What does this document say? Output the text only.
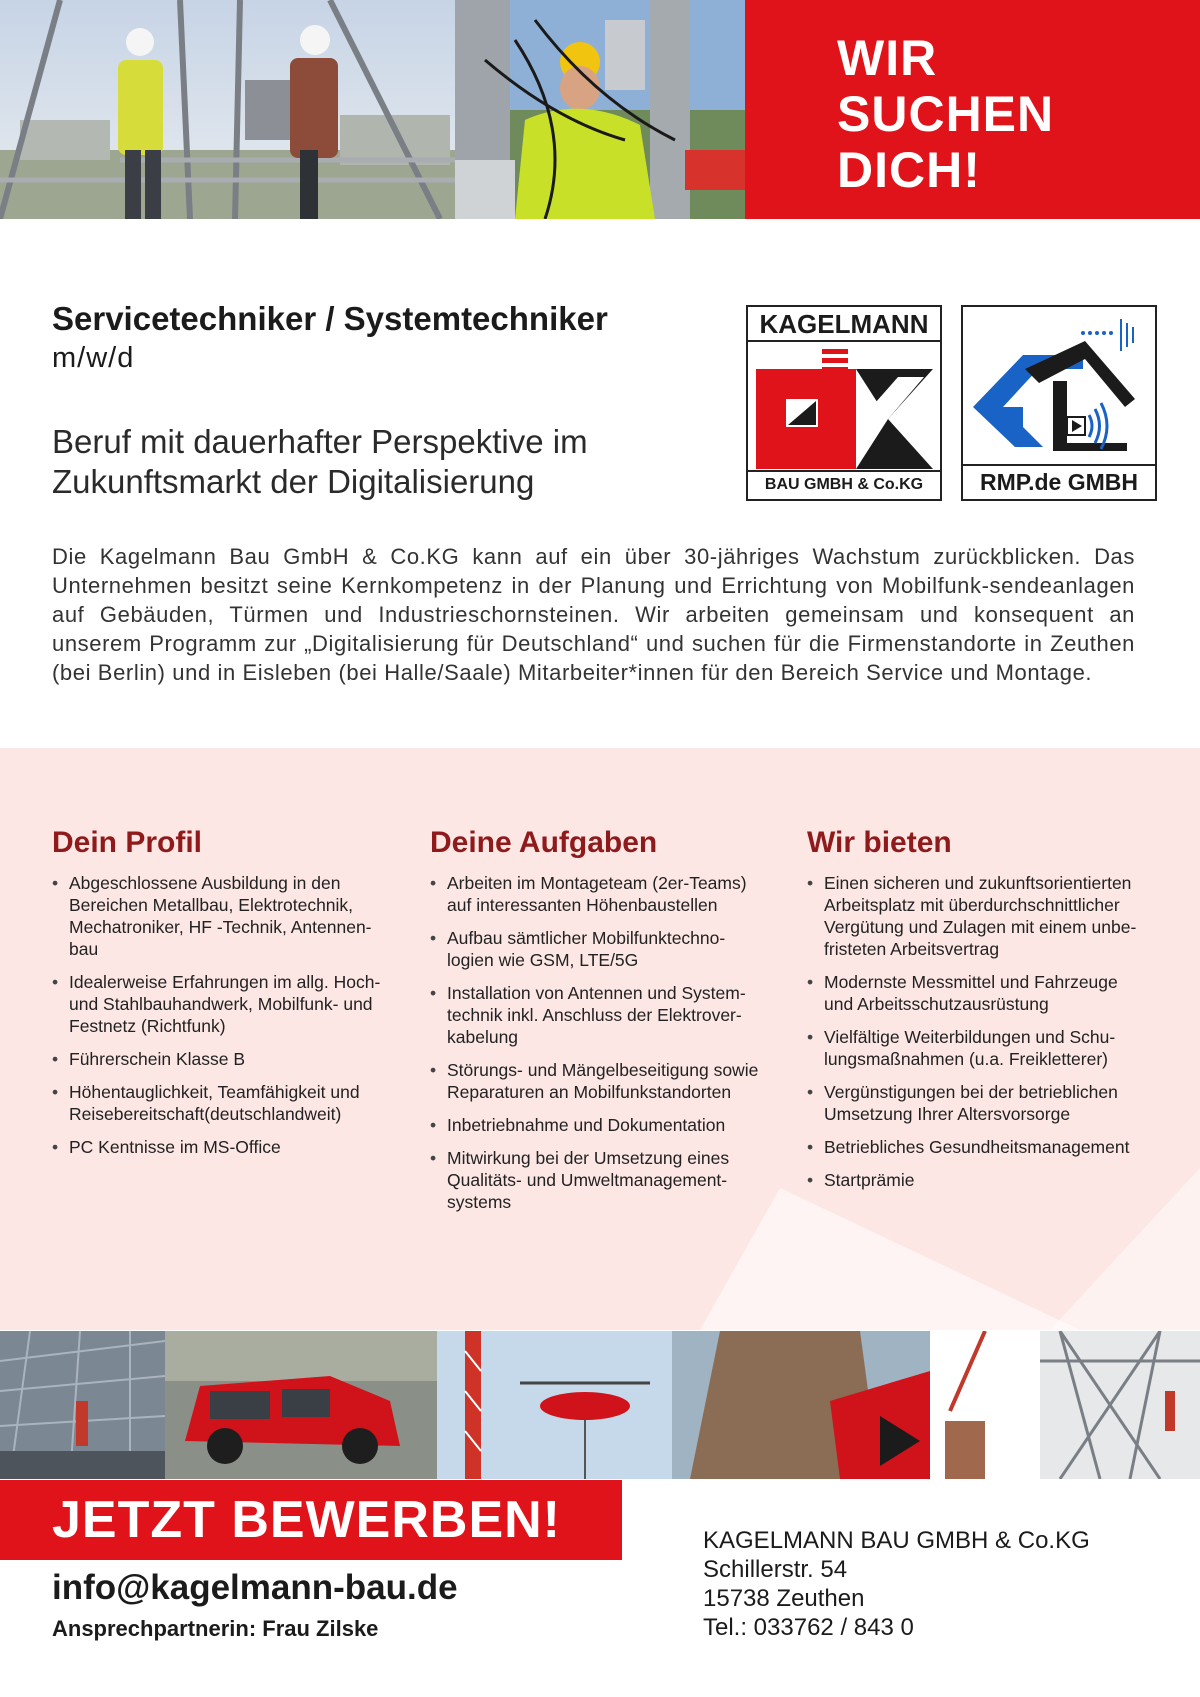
WIR
SUCHEN
DICH!
Servicetechniker / Systemtechniker
m/w/d
Beruf mit dauerhafter Perspektive im Zukunftsmarkt der Digitalisierung
KAGELMANN
BAU GMBH & Co.KG	RMP.de GMBH
Die Kagelmann Bau GmbH & Co.KG kann auf ein über 30-jähriges Wachstum zurückblicken. Das Unternehmen besitzt seine Kernkompetenz in der Planung und Errichtung von Mobilfunk-sendeanlagen auf Gebäuden, Türmen und Industrieschornsteinen. Wir arbeiten gemeinsam und konsequent an unserem Programm zur „Digitalisierung für Deutschland“ und suchen für die Firmenstandorte in Zeuthen (bei Berlin) und in Eisleben (bei Halle/Saale) Mitarbeiter*innen für den Bereich Service und Montage.
Dein Profil
• Abgeschlossene Ausbildung in den Bereichen Metallbau, Elektrotechnik, Mechatroniker, HF -Technik, Antennen-bau
• Idealerweise Erfahrungen im allg. Hoch- und Stahlbauhandwerk, Mobilfunk- und Festnetz (Richtfunk)
• Führerschein Klasse B
• Höhentauglichkeit, Teamfähigkeit und Reisebereitschaft(deutschlandweit)
• PC Kentnisse im MS-Office
Deine Aufgaben
• Arbeiten im Montageteam (2er-Teams) auf interessanten Höhenbaustellen
• Aufbau sämtlicher Mobilfunktechno-logien wie GSM, LTE/5G
• Installation von Antennen und System-technik inkl. Anschluss der Elektrover-kabelung
• Störungs- und Mängelbeseitigung sowie Reparaturen an Mobilfunkstandorten
• Inbetriebnahme und Dokumentation
• Mitwirkung bei der Umsetzung eines Qualitäts- und Umweltmanagement-systems
Wir bieten
• Einen sicheren und zukunftsorientierten Arbeitsplatz mit überdurchschnittlicher Vergütung und Zulagen mit einem unbe-fristeten Arbeitsvertrag
• Modernste Messmittel und Fahrzeuge und Arbeitsschutzausrüstung
• Vielfältige Weiterbildungen und Schu-lungsmaßnahmen (u.a. Freikletterer)
• Vergünstigungen bei der betrieblichen Umsetzung Ihrer Altersvorsorge
• Betriebliches Gesundheitsmanagement
• Startprämie
JETZT BEWERBEN!
info@kagelmann-bau.de
Ansprechpartnerin: Frau Zilske
KAGELMANN BAU GMBH & Co.KG
Schillerstr. 54
15738 Zeuthen
Tel.: 033762 / 843 0
